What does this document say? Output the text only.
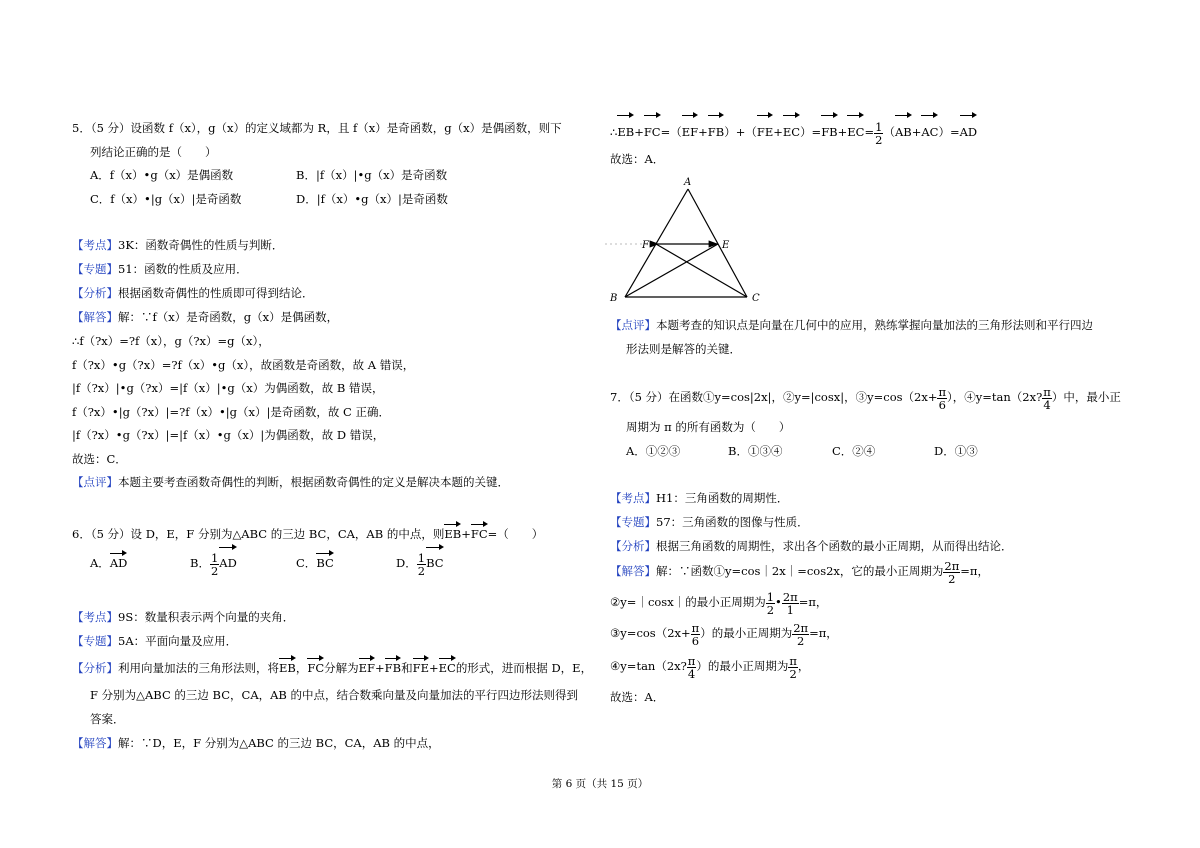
5．（5 分）设函数 f（x），g（x）的定义域都为 R，且 f（x）是奇函数，g（x）是偶函数，则下
列结论正确的是（　　）
A．f（x）•g（x）是偶函数	B．|f（x）|•g（x）是奇函数
C．f（x）•|g（x）|是奇函数	D．|f（x）•g（x）|是奇函数
【考点】3K：函数奇偶性的性质与判断．
【专题】51：函数的性质及应用．
【分析】根据函数奇偶性的性质即可得到结论．
【解答】解：∵f（x）是奇函数，g（x）是偶函数，
∴f（?x）=?f（x），g（?x）=g（x），
f（?x）•g（?x）=?f（x）•g（x），故函数是奇函数，故 A 错误，
|f（?x）|•g（?x）=|f（x）|•g（x）为偶函数，故 B 错误，
f（?x）•|g（?x）|=?f（x）•|g（x）|是奇函数，故 C 正确．
|f（?x）•g（?x）|=|f（x）•g（x）|为偶函数，故 D 错误，
故选：C．
【点评】本题主要考查函数奇偶性的判断，根据函数奇偶性的定义是解决本题的关键．
6．（5 分）设 D，E，F 分别为△ABC 的三边 BC，CA，AB 的中点，则EB+FC=（　　）
A．AD	B． $\frac{1}{2}$ AD	C．BC	D． $\frac{1}{2}$ BC
【考点】9S：数量积表示两个向量的夹角．
【专题】5A：平面向量及应用．
【分析】利用向量加法的三角形法则，将EB，FC分解为EF+FB和FE+EC的形式，进而根据 D，E，
F 分别为△ABC 的三边 BC，CA，AB 的中点，结合数乘向量及向量加法的平行四边形法则得到
答案．
【解答】解：∵D，E，F 分别为△ABC 的三边 BC，CA，AB 的中点，
∴EB+FC=（EF+FB）+（FE+EC）=FB+EC= $\frac{1}{2} (AB+AC)=AD$
故选：A．
A
B	C
E
F
【点评】本题考查的知识点是向量在几何中的应用，熟练掌握向量加法的三角形法则和平行四边
形法则是解答的关键．
7．（5 分）在函数①y=cos|2x|，②y=|cosx|，③y=cos（2x+ $\frac{\pi}{6}$ ），④y=tan（2x? $\frac{\pi}{4}$ ）中，最小正
周期为 π 的所有函数为（　　）
A．①②③	B．①③④	C．②④	D．①③
【考点】H1：三角函数的周期性．
【专题】57：三角函数的图像与性质．
【分析】根据三角函数的周期性，求出各个函数的最小正周期，从而得出结论．
【解答】解：∵函数①y=cos｜2x｜=cos2x，它的最小正周期为 $\frac{2\pi}{2} =\pi$，
②y=｜cosx｜的最小正周期为 $\frac{1}{2}$ • $\frac{2\pi}{1} =\pi$，
③y=cos（2x+ $\frac{\pi}{6}$ ）的最小正周期为 $\frac{2\pi}{2} =\pi$，
④y=tan（2x? $\frac{\pi}{4}$ ）的最小正周期为 $\frac{\pi}{2}$ ，
故选：A．
第 6 页（共 15 页）
